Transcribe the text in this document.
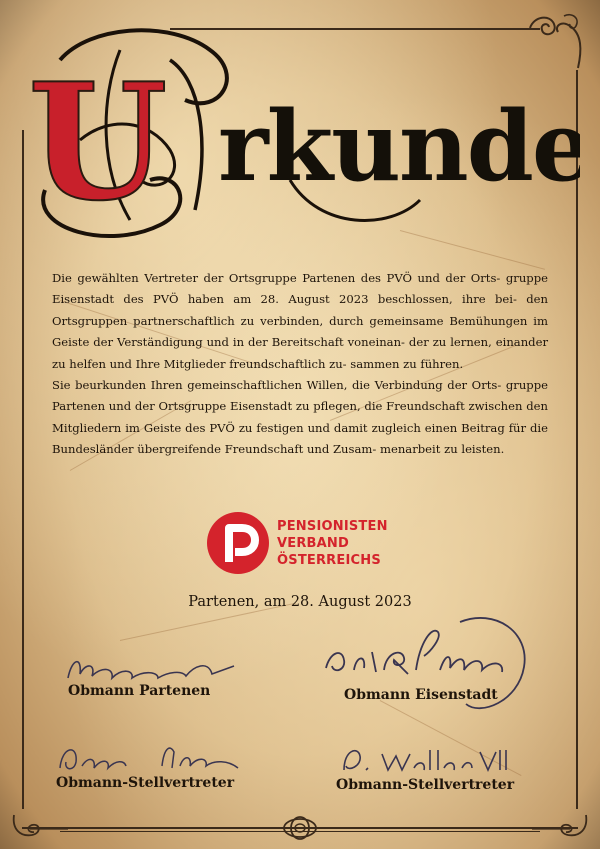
U rkunde

Die gewählten Vertreter der Ortsgruppe Partenen des PVÖ und der Orts- gruppe Eisenstadt des PVÖ haben am 28. August 2023 beschlossen, ihre bei- den Ortsgruppen partnerschaftlich zu verbinden, durch gemeinsame Bemühungen im Geiste der Verständigung und in der Bereitschaft voneinan- der zu lernen, einander zu helfen und Ihre Mitglieder freundschaftlich zu- sammen zu führen.

Sie beurkunden Ihren gemeinschaftlichen Willen, die Verbindung der Orts- gruppe Partenen und der Ortsgruppe Eisenstadt zu pflegen, die Freundschaft zwischen den Mitgliedern im Geiste des PVÖ zu festigen und damit zugleich einen Beitrag für die Bundesländer übergreifende Freundschaft und Zusam- menarbeit zu leisten.

PENSIONISTEN
VERBAND
ÖSTERREICHS
Partenen, am 28. August 2023
Obmann Partenen	Obmann Eisenstadt
Obmann-Stellvertreter	Obmann-Stellvertreter
